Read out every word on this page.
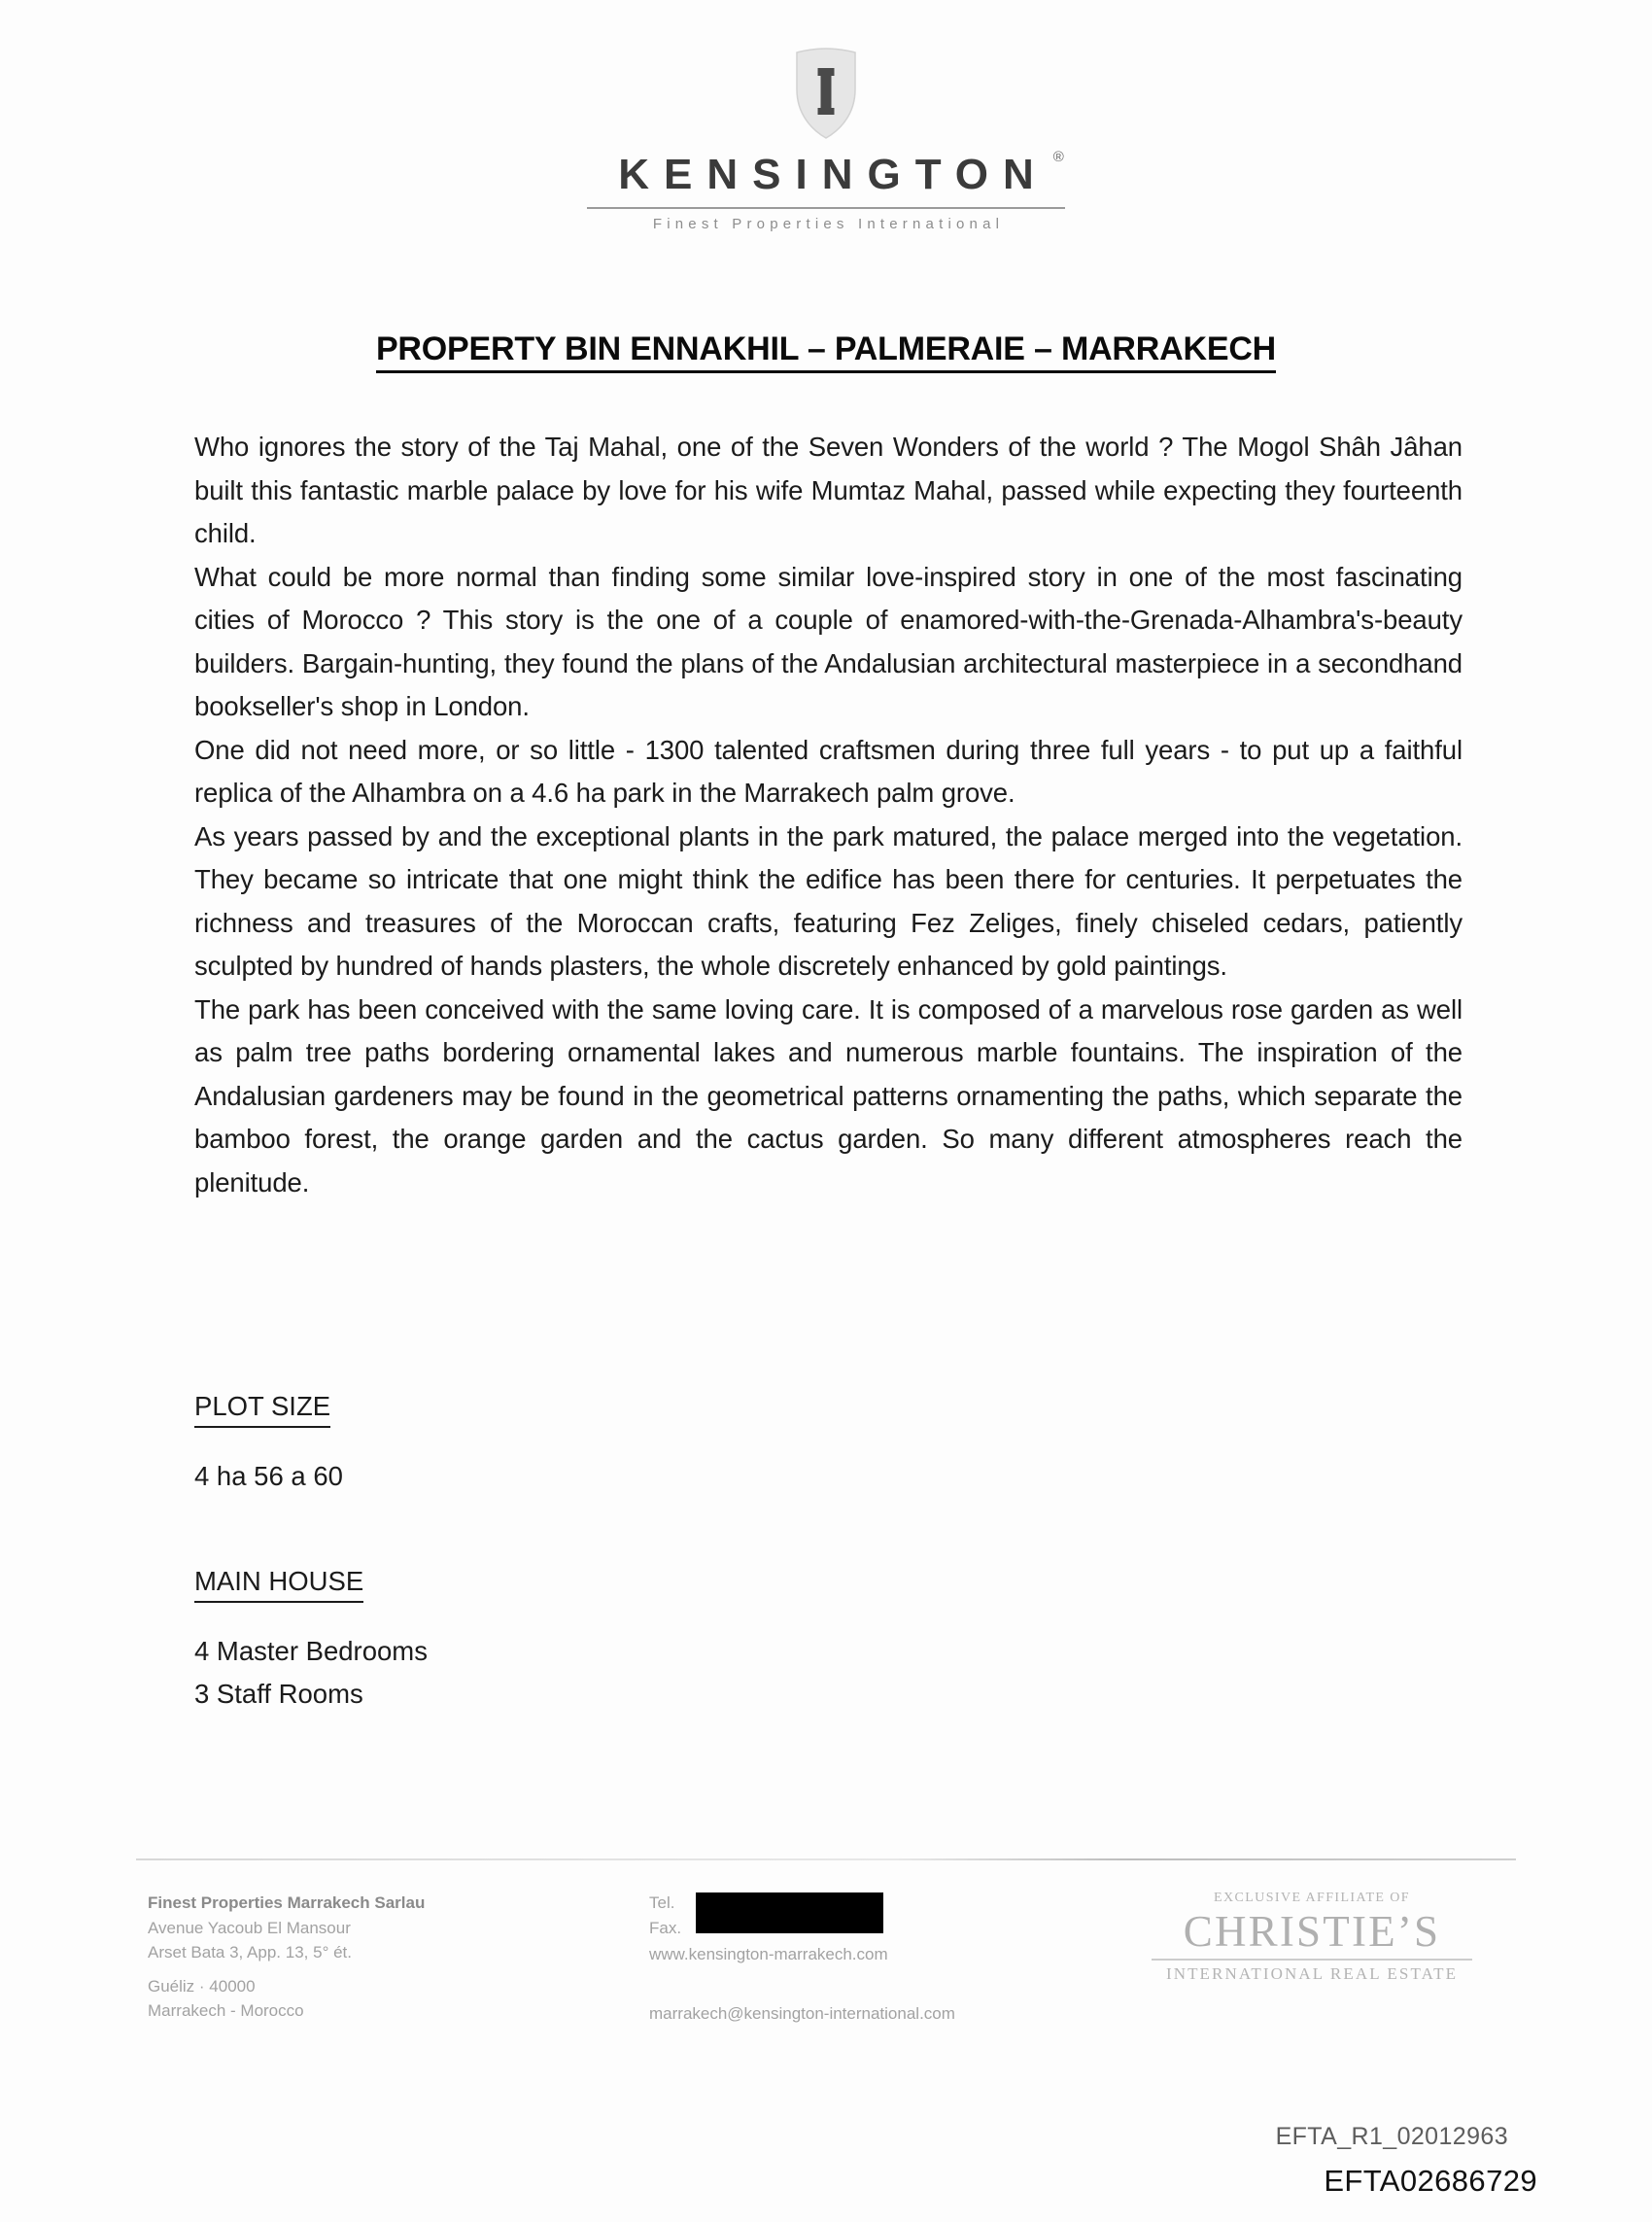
KENSINGTON ®
Finest Properties International
PROPERTY BIN ENNAKHIL – PALMERAIE – MARRAKECH

Who ignores the story of the Taj Mahal, one of the Seven Wonders of the world ? The Mogol Shâh Jâhan built this fantastic marble palace by love for his wife Mumtaz Mahal, passed while expecting they fourteenth child.

What could be more normal than finding some similar love-inspired story in one of the most fascinating cities of Morocco ? This story is the one of a couple of enamored-with-the-Grenada-Alhambra's-beauty builders. Bargain-hunting, they found the plans of the Andalusian architectural masterpiece in a secondhand bookseller's shop in London.

One did not need more, or so little - 1300 talented craftsmen during three full years - to put up a faithful replica of the Alhambra on a 4.6 ha park in the Marrakech palm grove.

As years passed by and the exceptional plants in the park matured, the palace merged into the vegetation. They became so intricate that one might think the edifice has been there for centuries. It perpetuates the richness and treasures of the Moroccan crafts, featuring Fez Zeliges, finely chiseled cedars, patiently sculpted by hundred of hands plasters, the whole discretely enhanced by gold paintings.

The park has been conceived with the same loving care. It is composed of a marvelous rose garden as well as palm tree paths bordering ornamental lakes and numerous marble fountains. The inspiration of the Andalusian gardeners may be found in the geometrical patterns ornamenting the paths, which separate the bamboo forest, the orange garden and the cactus garden. So many different atmospheres reach the plenitude.

PLOT SIZE
4 ha 56 a 60
MAIN HOUSE
4 Master Bedrooms
3 Staff Rooms
Finest Properties Marrakech Sarlau
Avenue Yacoub El Mansour
Arset Bata 3, App. 13, 5° ét.
Guéliz · 40000
Marrakech - Morocco
Tel.
Fax.
www.kensington-marrakech.com
marrakech@kensington-international.com
EXCLUSIVE AFFILIATE OF
CHRISTIE’S
INTERNATIONAL REAL ESTATE
EFTA_R1_02012963
EFTA02686729
